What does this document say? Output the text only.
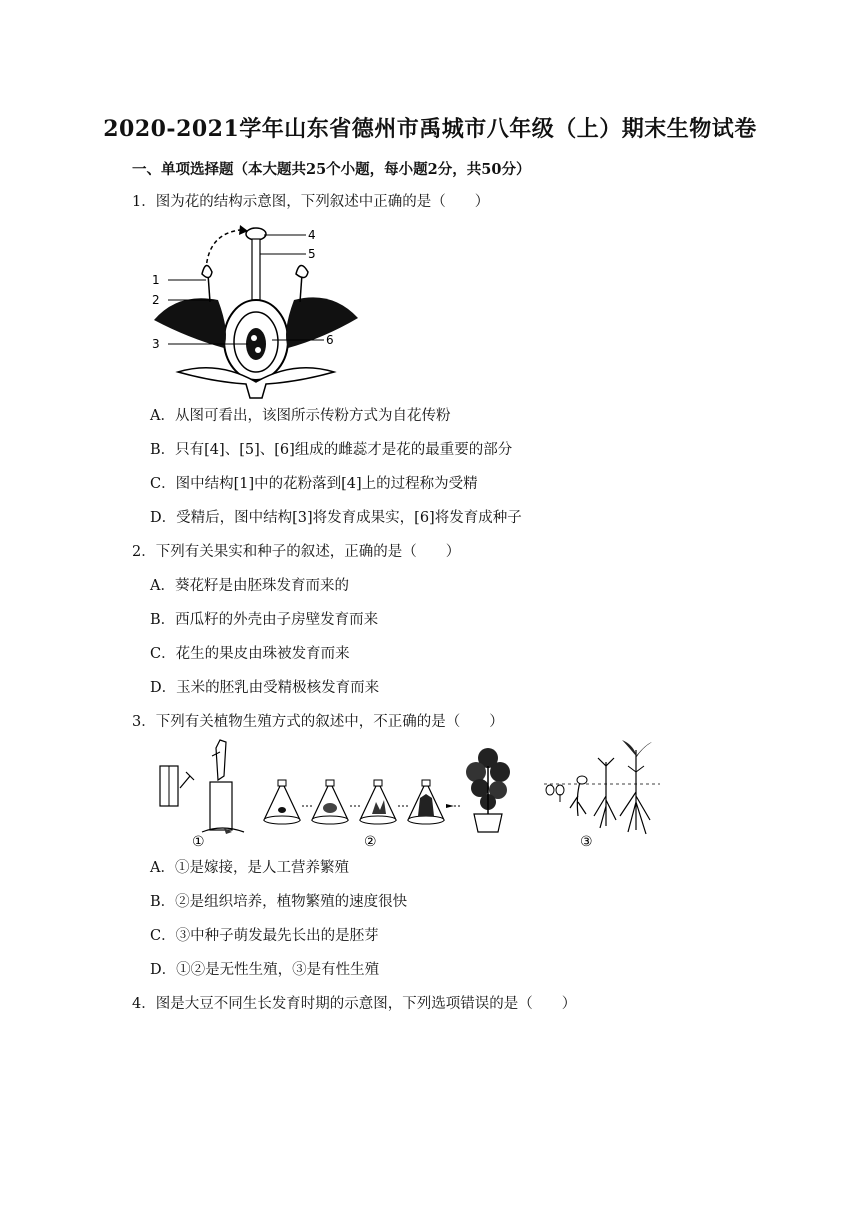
2020-2021学年山东省德州市禹城市八年级（上）期末生物试卷
一、单项选择题（本大题共25个小题，每小题2分，共50分）
1．图为花的结构示意图，下列叙述中正确的是（　　）
1
2
3
4
5
6
A．从图可看出，该图所示传粉方式为自花传粉
B．只有[4]、[5]、[6]组成的雌蕊才是花的最重要的部分
C．图中结构[1]中的花粉落到[4]上的过程称为受精
D．受精后，图中结构[3]将发育成果实，[6]将发育成种子
2．下列有关果实和种子的叙述，正确的是（　　）
A．葵花籽是由胚珠发育而来的
B．西瓜籽的外壳由子房壁发育而来
C．花生的果皮由珠被发育而来
D．玉米的胚乳由受精极核发育而来
3．下列有关植物生殖方式的叙述中，不正确的是（　　）
①	②	③
A．①是嫁接，是人工营养繁殖
B．②是组织培养，植物繁殖的速度很快
C．③中种子萌发最先长出的是胚芽
D．①②是无性生殖，③是有性生殖
4．图是大豆不同生长发育时期的示意图，下列选项错误的是（　　）
